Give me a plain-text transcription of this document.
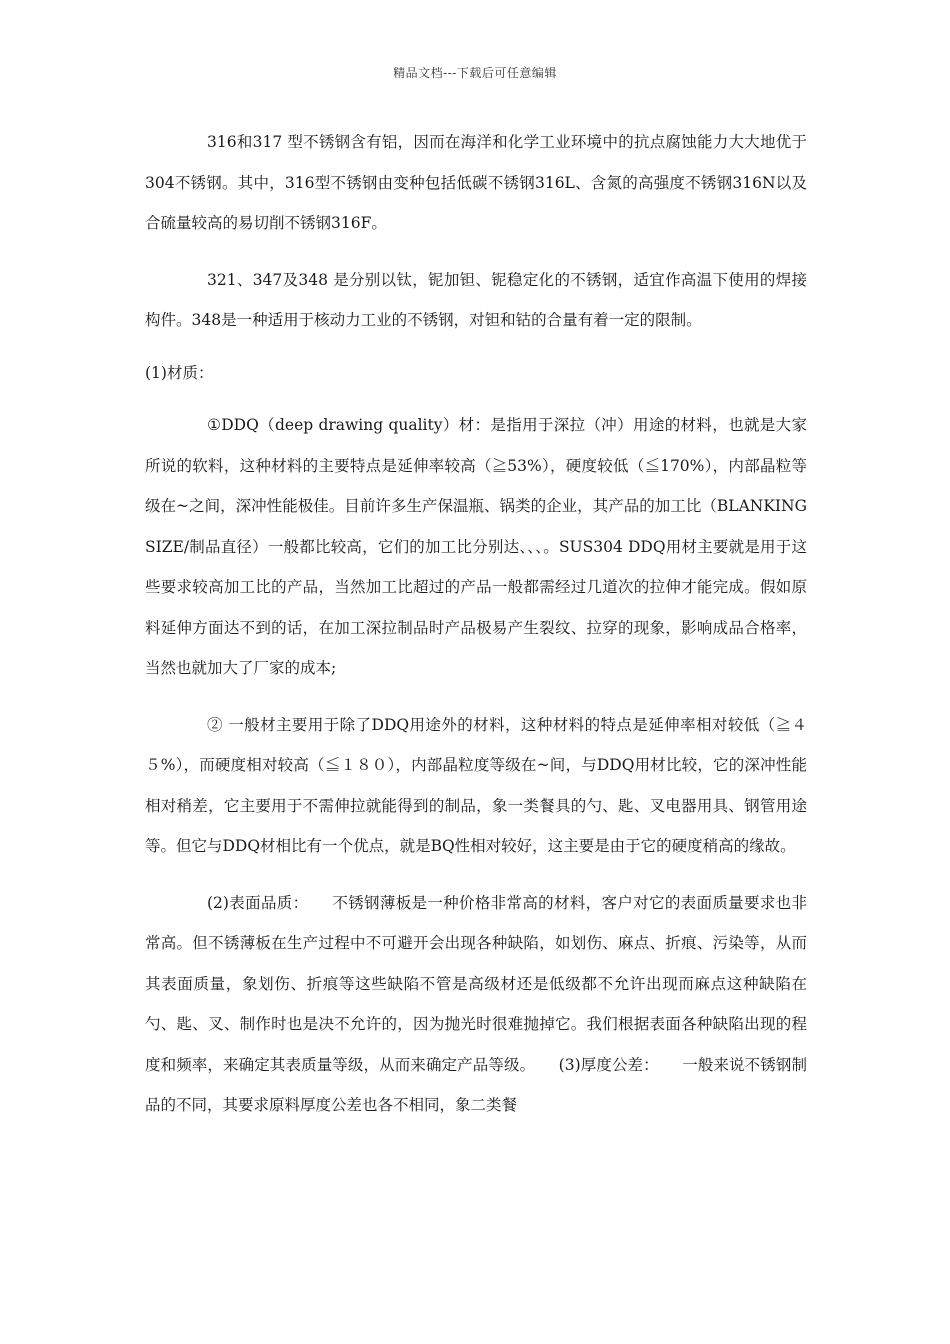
精品文档---下载后可任意编辑

316和317 型不锈钢含有铝，因而在海洋和化学工业环境中的抗点腐蚀能力大大地优于304不锈钢。其中，316型不锈钢由变种包括低碳不锈钢316L、含氮的高强度不锈钢316N以及合硫量较高的易切削不锈钢316F。

321、347及348 是分别以钛，铌加钽、铌稳定化的不锈钢，适宜作高温下使用的焊接构件。348是一种适用于核动力工业的不锈钢，对钽和钴的合量有着一定的限制。

(1)材质：

①DDQ（deep drawing quality）材：是指用于深拉（冲）用途的材料，也就是大家所说的软料，这种材料的主要特点是延伸率较高（≧53%），硬度较低（≦170%），内部晶粒等级在~之间，深冲性能极佳。目前许多生产保温瓶、锅类的企业，其产品的加工比（BLANKING SIZE/制品直径）一般都比较高，它们的加工比分别达、、、。SUS304 DDQ用材主要就是用于这些要求较高加工比的产品，当然加工比超过的产品一般都需经过几道次的拉伸才能完成。假如原料延伸方面达不到的话，在加工深拉制品时产品极易产生裂纹、拉穿的现象，影响成品合格率，当然也就加大了厂家的成本;

② 一般材主要用于除了DDQ用途外的材料，这种材料的特点是延伸率相对较低（≧４５%），而硬度相对较高（≦１８０），内部晶粒度等级在~间，与DDQ用材比较，它的深冲性能相对稍差，它主要用于不需伸拉就能得到的制品，象一类餐具的勺、匙、叉电器用具、钢管用途等。但它与DDQ材相比有一个优点，就是BQ性相对较好，这主要是由于它的硬度稍高的缘故。

(2)表面品质：　　不锈钢薄板是一种价格非常高的材料，客户对它的表面质量要求也非常高。但不锈薄板在生产过程中不可避开会出现各种缺陷，如划伤、麻点、折痕、污染等，从而其表面质量，象划伤、折痕等这些缺陷不管是高级材还是低级都不允许出现而麻点这种缺陷在勺、匙、叉、制作时也是决不允许的，因为抛光时很难抛掉它。我们根据表面各种缺陷出现的程度和频率，来确定其表质量等级，从而来确定产品等级。　　(3)厚度公差：　　一般来说不锈钢制品的不同，其要求原料厚度公差也各不相同，象二类餐
